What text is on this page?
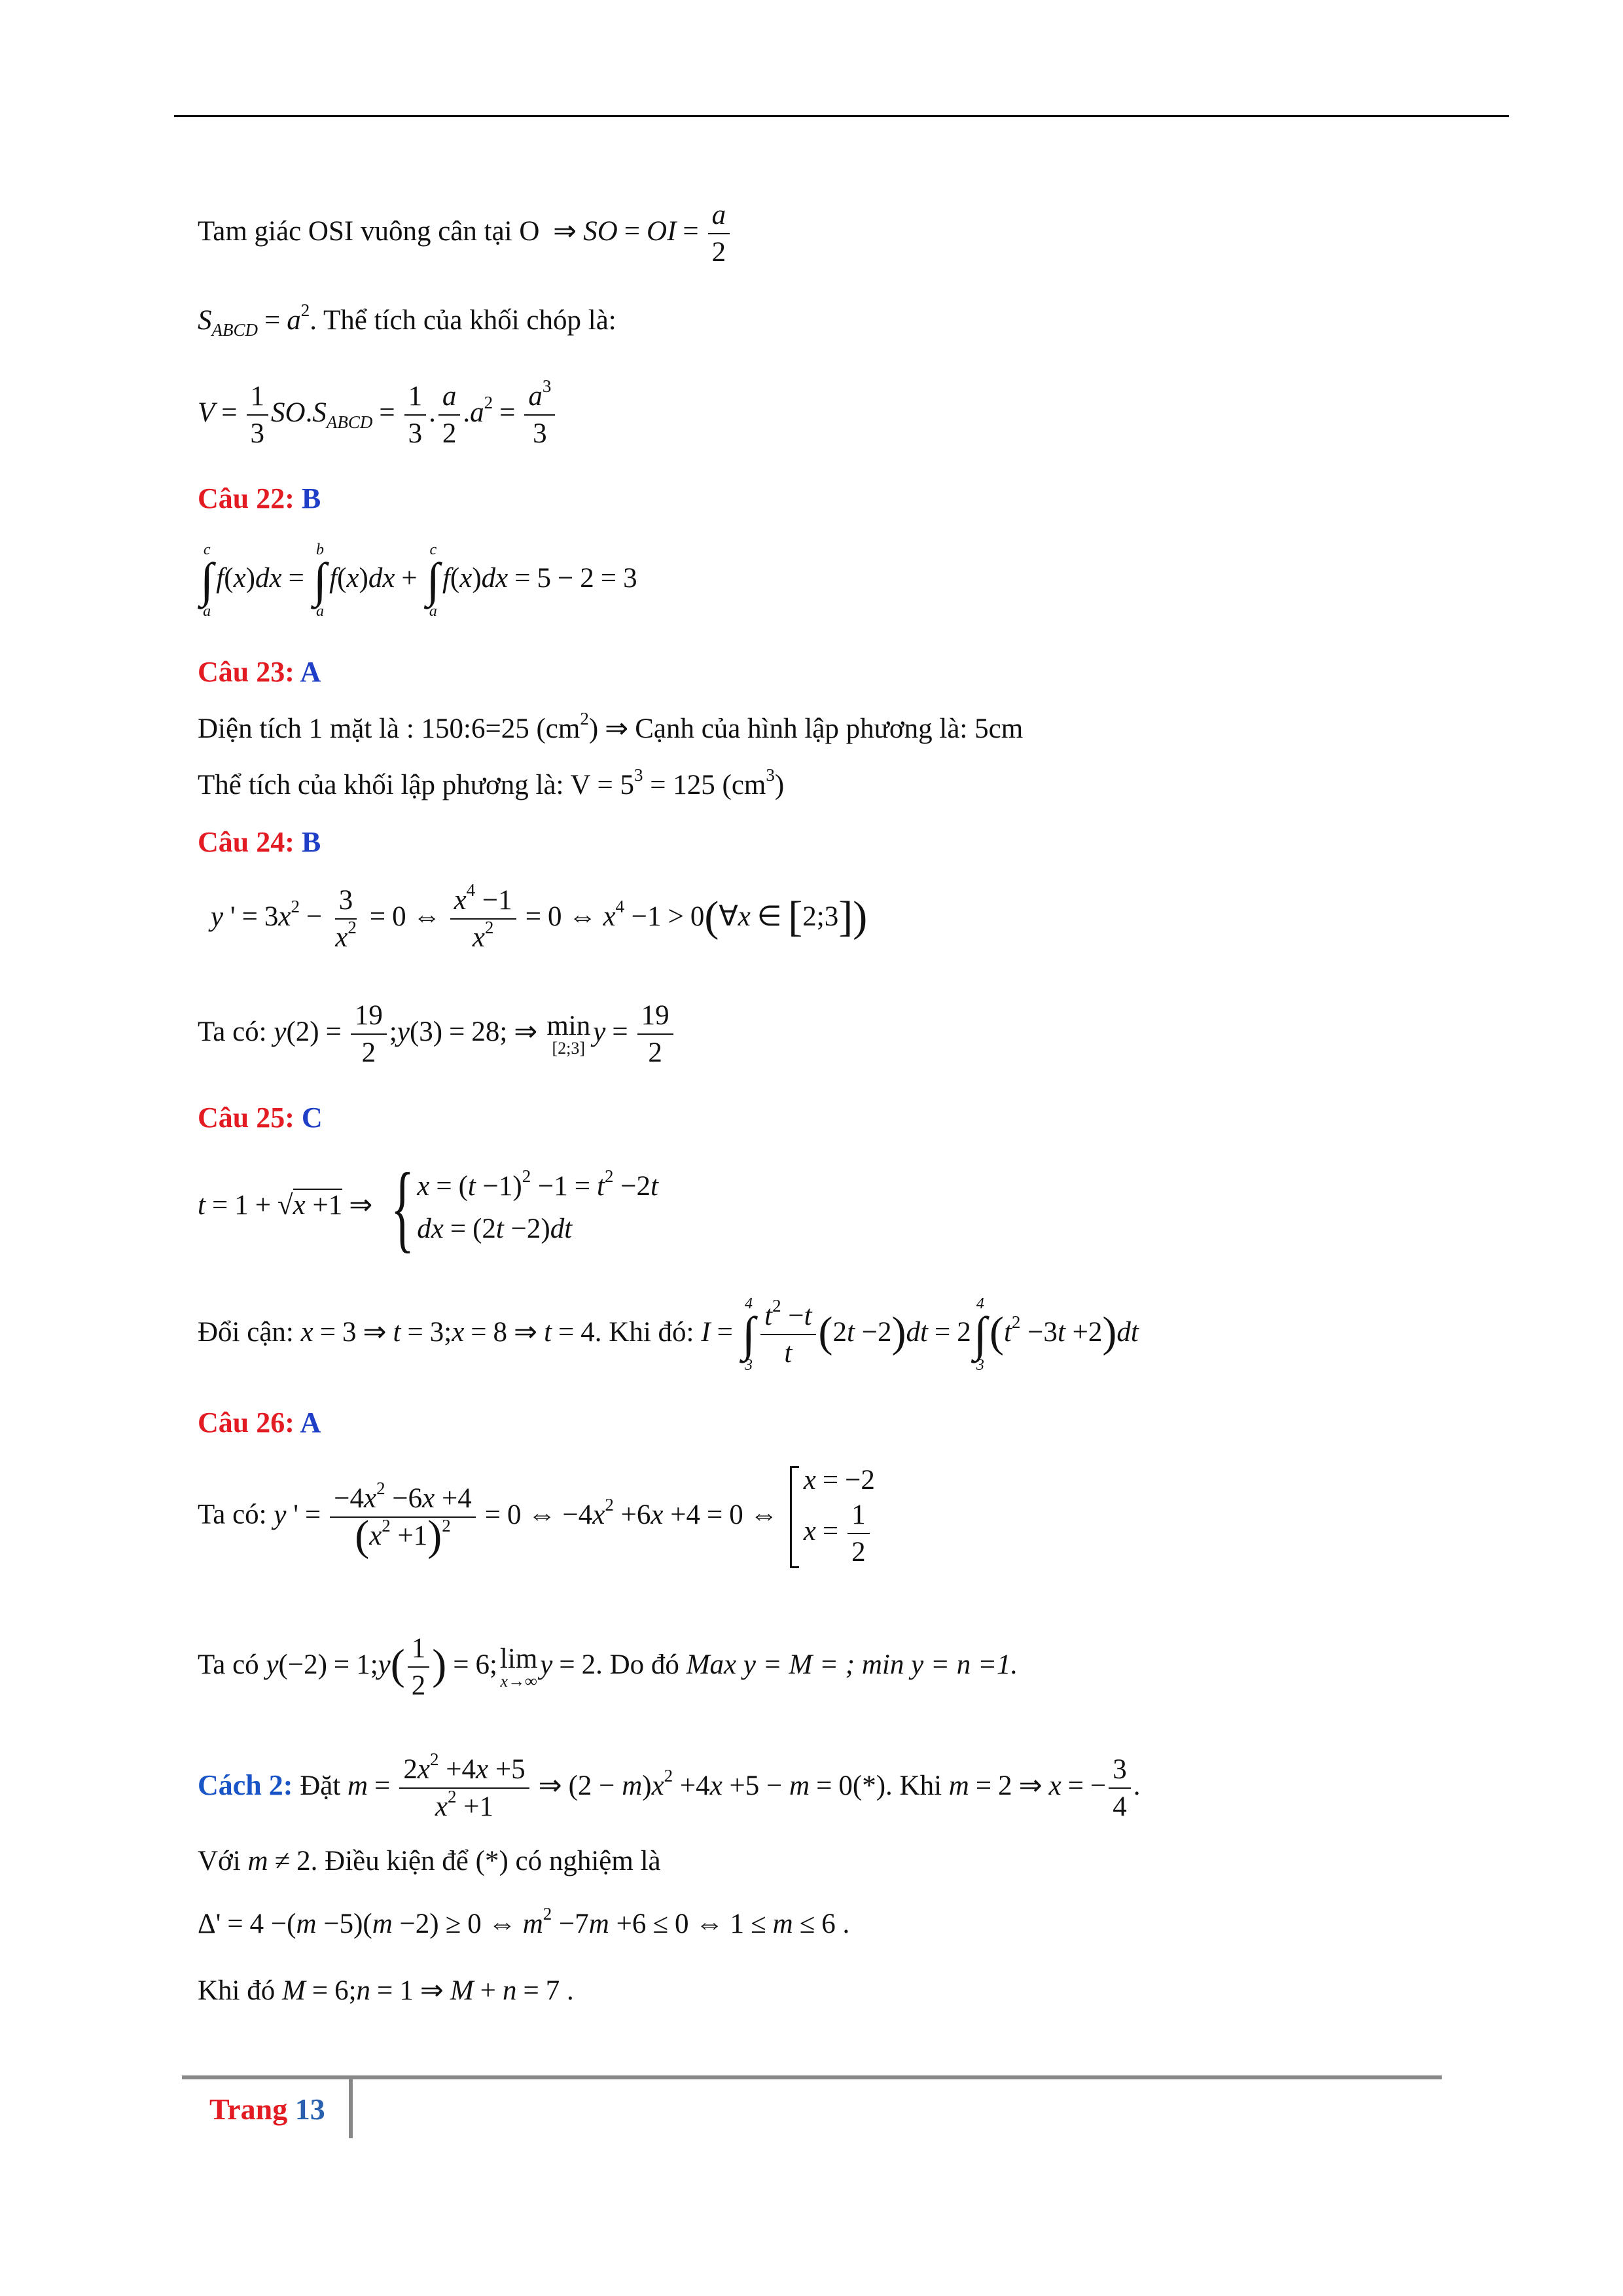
Tam giác OSI vuông cân tại O ⇒ SO = OI = $\frac{a}{2}$
$S_{ABCD} = a^2$. Thể tích của khối chóp là:
$V = \frac{1}{3} SO.S_{ABCD} = \frac{1}{3}$ . $\frac{a}{2} .a^2 = \frac{a^3}{3}$
Câu 22: B
c
∫
a
f(x)dx =
b
∫
a
f(x)dx +
c
∫
a
f(x)dx = 5 − 2 = 3
Câu 23: A
Diện tích 1 mặt là : 150:6=25 $(cm^2)$ ⇒ Cạnh của hình lập phương là: 5cm
Thể tích của khối lập phương là: $V = 5^3 = 125$ $(cm^3)$
Câu 24: B
y ' = $3x^2 - \frac{3}{x^2} = 0$ ⇔ $\frac{x^4 -1}{x^2} = 0$ ⇔ $x^4 -1$ > 0(∀x ∈ [2;3])
Ta có: $y(2) = \frac{19}{2}$ ;y(3) = 28; ⇒ min
[2;3]
$y = \frac{19}{2}$
Câu 25: C
t = 1 + √x +1 ⇒ { $x = (t -1)^2 -1 = t^2 -2t$
dx = (2t −2)dt
Đổi cận: x = 3 ⇒ t = 3;x = 8 ⇒ t = 4. Khi đó: I =
4
∫
$3 \frac{t^2 -t}{t} (2t -2)dt = 2$
4
∫
3
$(t^2 -3t +2)dt$
Câu 26: A
Ta có: y ' = $\frac{-4x^2 -6x +4}{(x^2 +1)^2} = 0$ ⇔ $-4x^2 +6x +4 = 0$ ⇔
x = −2
$x = \frac{1}{2}$
Ta có y(−2) = 1;y( $\frac{1}{2}$ ) = 6; lim
x→∞
y = 2. Do đó Max y = M = ; min y = n =1.
Cách 2: Đặt $m = \frac{2x^2 +4x +5}{x^2 +1}$ ⇒ $(2 - m)x^2 +4x +5 - m = 0(*)$. Khi m = 2 ⇒ x = − $\frac{3}{4}$ .
Với m ≠ 2. Điều kiện để (*) có nghiệm là
Δ' = 4 −(m −5)(m −2) ≥ 0 ⇔ $m^2 -7m +6 \le 0$ ⇔ 1 ≤ m ≤ 6 .
Khi đó M = 6;n = 1 ⇒ M + n = 7 .
Trang 13
